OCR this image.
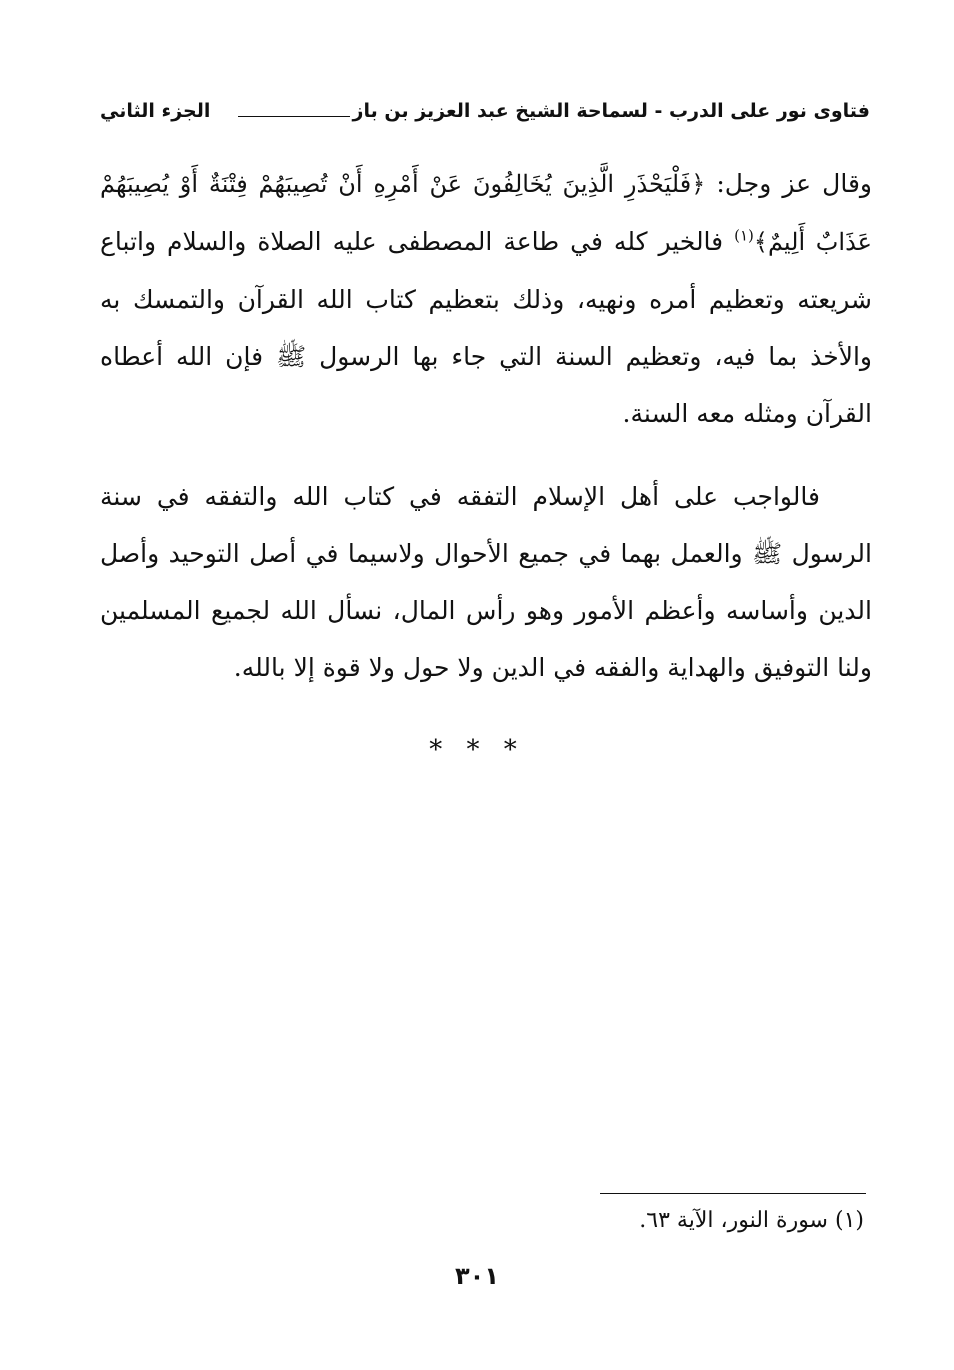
فتاوى نور على الدرب - لسماحة الشيخ عبد العزيز بن باز
الجزء الثاني

وقال عز وجل: ﴿فَلْيَحْذَرِ الَّذِينَ يُخَالِفُونَ عَنْ أَمْرِهِ أَنْ تُصِيبَهُمْ فِتْنَةٌ أَوْ يُصِيبَهُمْ عَذَابٌ أَلِيمٌ﴾$^{(١)}$ فالخير كله في طاعة المصطفى عليه الصلاة والسلام واتباع شريعته وتعظيم أمره ونهيه، وذلك بتعظيم كتاب الله القرآن والتمسك به والأخذ بما فيه، وتعظيم السنة التي جاء بها الرسول ﷺ فإن الله أعطاه القرآن ومثله معه السنة.

فالواجب على أهل الإسلام التفقه في كتاب الله والتفقه في سنة الرسول ﷺ والعمل بهما في جميع الأحوال ولاسيما في أصل التوحيد وأصل الدين وأساسه وأعظم الأمور وهو رأس المال، نسأل الله لجميع المسلمين ولنا التوفيق والهداية والفقه في الدين ولا حول ولا قوة إلا بالله.

* * *
(١) سورة النور، الآية ٦٣.
٣٠١
